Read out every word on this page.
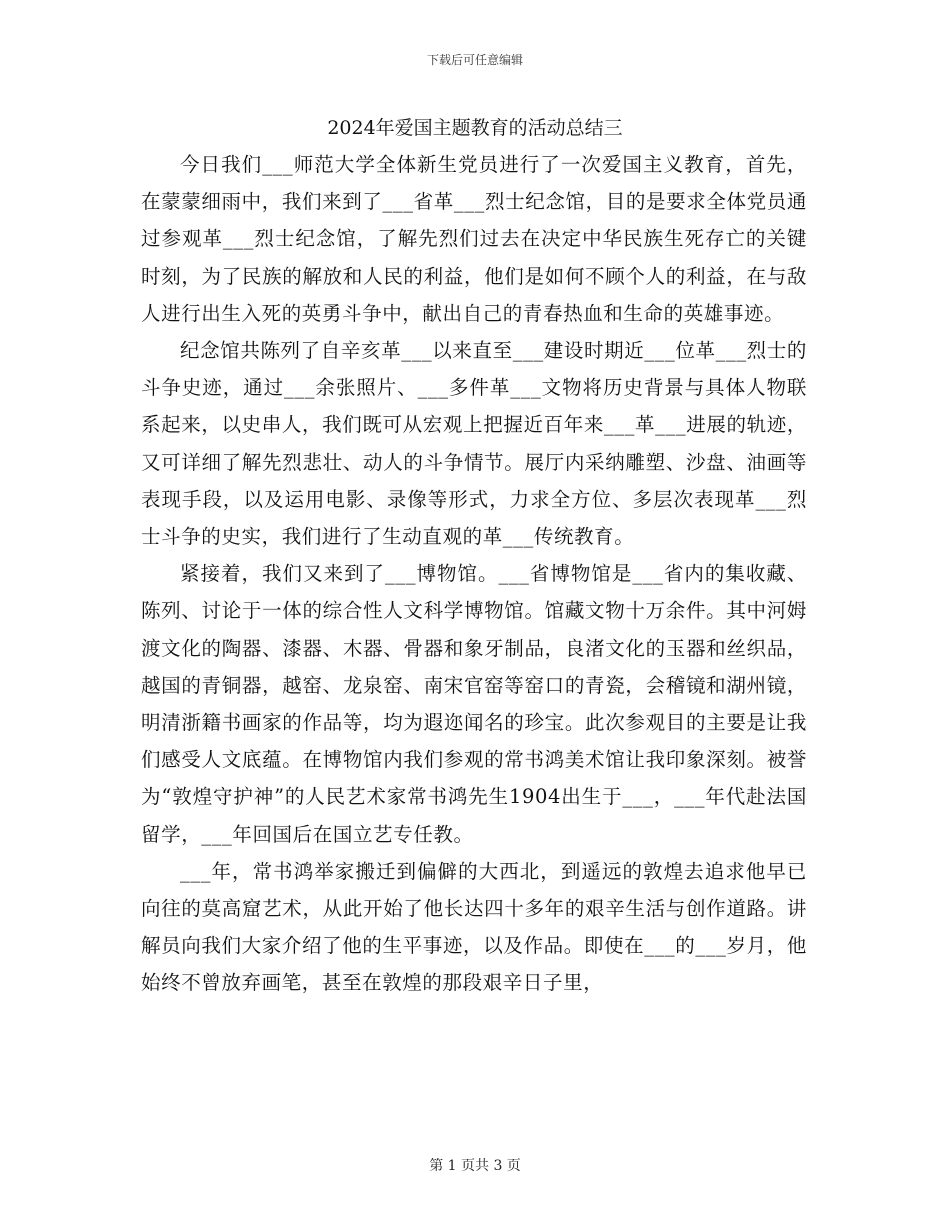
下载后可任意编辑
2024年爱国主题教育的活动总结三

今日我们___师范大学全体新生党员进行了一次爱国主义教育，首先，在蒙蒙细雨中，我们来到了___省革___烈士纪念馆，目的是要求全体党员通过参观革___烈士纪念馆，了解先烈们过去在决定中华民族生死存亡的关键时刻，为了民族的解放和人民的利益，他们是如何不顾个人的利益，在与敌人进行出生入死的英勇斗争中，献出自己的青春热血和生命的英雄事迹。

纪念馆共陈列了自辛亥革___以来直至___建设时期近___位革___烈士的斗争史迹，通过___余张照片、___多件革___文物将历史背景与具体人物联系起来，以史串人，我们既可从宏观上把握近百年来___革___进展的轨迹，又可详细了解先烈悲壮、动人的斗争情节。展厅内采纳雕塑、沙盘、油画等表现手段，以及运用电影、录像等形式，力求全方位、多层次表现革___烈士斗争的史实，我们进行了生动直观的革___传统教育。

紧接着，我们又来到了___博物馆。___省博物馆是___省内的集收藏、陈列、讨论于一体的综合性人文科学博物馆。馆藏文物十万余件。其中河姆渡文化的陶器、漆器、木器、骨器和象牙制品，良渚文化的玉器和丝织品，越国的青铜器，越窑、龙泉窑、南宋官窑等窑口的青瓷，会稽镜和湖州镜，明清浙籍书画家的作品等，均为遐迩闻名的珍宝。此次参观目的主要是让我们感受人文底蕴。在博物馆内我们参观的常书鸿美术馆让我印象深刻。被誉为“敦煌守护神”的人民艺术家常书鸿先生1904出生于___，___年代赴法国留学，___年回国后在国立艺专任教。

___年，常书鸿举家搬迁到偏僻的大西北，到遥远的敦煌去追求他早已向往的莫高窟艺术，从此开始了他长达四十多年的艰辛生活与创作道路。讲解员向我们大家介绍了他的生平事迹，以及作品。即使在___的___岁月，他始终不曾放弃画笔，甚至在敦煌的那段艰辛日子里，

第 1 页共 3 页
